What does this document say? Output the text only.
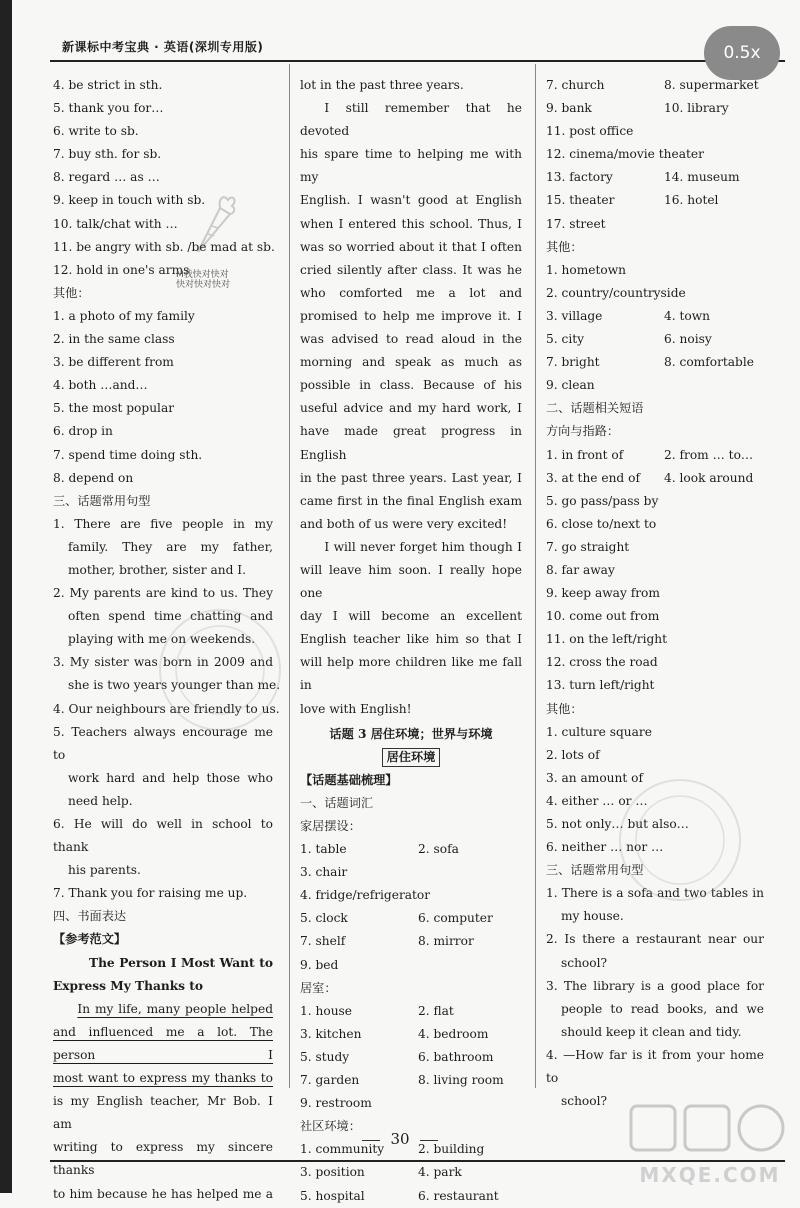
新课标中考宝典 · 英语(深圳专用版)	0.5x
4. be strict in sth.
5. thank you for…
6. write to sb.
7. buy sth. for sb.
8. regard … as …
9. keep in touch with sb.
10. talk/chat with …
11. be angry with sb. /be mad at sb.
12. hold in one's arms
其他：
1. a photo of my family
2. in the same class
3. be different from
4. both …and…
5. the most popular
6. drop in
7. spend time doing sth.
8. depend on
三、话题常用句型
1. There are five people in my
family. They are my father,
mother, brother, sister and I.
2. My parents are kind to us. They
often spend time chatting and
playing with me on weekends.
3. My sister was born in 2009 and
she is two years younger than me.
4. Our neighbours are friendly to us.
5. Teachers always encourage me to
work hard and help those who
need help.
6. He will do well in school to thank
his parents.
7. Thank you for raising me up.
四、书面表达
【参考范文】
The Person I Most Want to
Express My Thanks to
In my life, many people helped
and influenced me a lot. The person I
most want to express my thanks to
is my English teacher, Mr Bob. I am
writing to express my sincere thanks
to him because he has helped me a
lot in the past three years.
I still remember that he devoted
his spare time to helping me with my
English. I wasn't good at English
when I entered this school. Thus, I
was so worried about it that I often
cried silently after class. It was he
who comforted me a lot and
promised to help me improve it. I
was advised to read aloud in the
morning and speak as much as
possible in class. Because of his
useful advice and my hard work, I
have made great progress in English
in the past three years. Last year, I
came first in the final English exam
and both of us were very excited!
I will never forget him though I
will leave him soon. I really hope one
day I will become an excellent
English teacher like him so that I
will help more children like me fall in
love with English!
话题 3 居住环境；世界与环境
居住环境
【话题基础梳理】
一、话题词汇
家居摆设：
1. table	2. sofa
3. chair
4. fridge/refrigerator
5. clock	6. computer
7. shelf	8. mirror
9. bed
居室：
1. house	2. flat
3. kitchen	4. bedroom
5. study	6. bathroom
7. garden	8. living room
9. restroom
社区环境：
1. community	2. building
3. position	4. park
5. hospital	6. restaurant
7. church	8. supermarket
9. bank	10. library
11. post office
12. cinema/movie theater
13. factory	14. museum
15. theater	16. hotel
17. street
其他：
1. hometown
2. country/countryside
3. village	4. town
5. city	6. noisy
7. bright	8. comfortable
9. clean
二、话题相关短语
方向与指路：
1. in front of	2. from … to…
3. at the end of	4. look around
5. go pass/pass by
6. close to/next to
7. go straight
8. far away
9. keep away from
10. come out from
11. on the left/right
12. cross the road
13. turn left/right
其他：
1. culture square
2. lots of
3. an amount of
4. either … or …
5. not only… but also…
6. neither … nor …
三、话题常用句型
1. There is a sofa and two tables in
my house.
2. Is there a restaurant near our
school?
3. The library is a good place for
people to read books, and we
should keep it clean and tidy.
4. —How far is it from your home to
school?
30
M我快对快对
快对快对快对
MXQE.COM
